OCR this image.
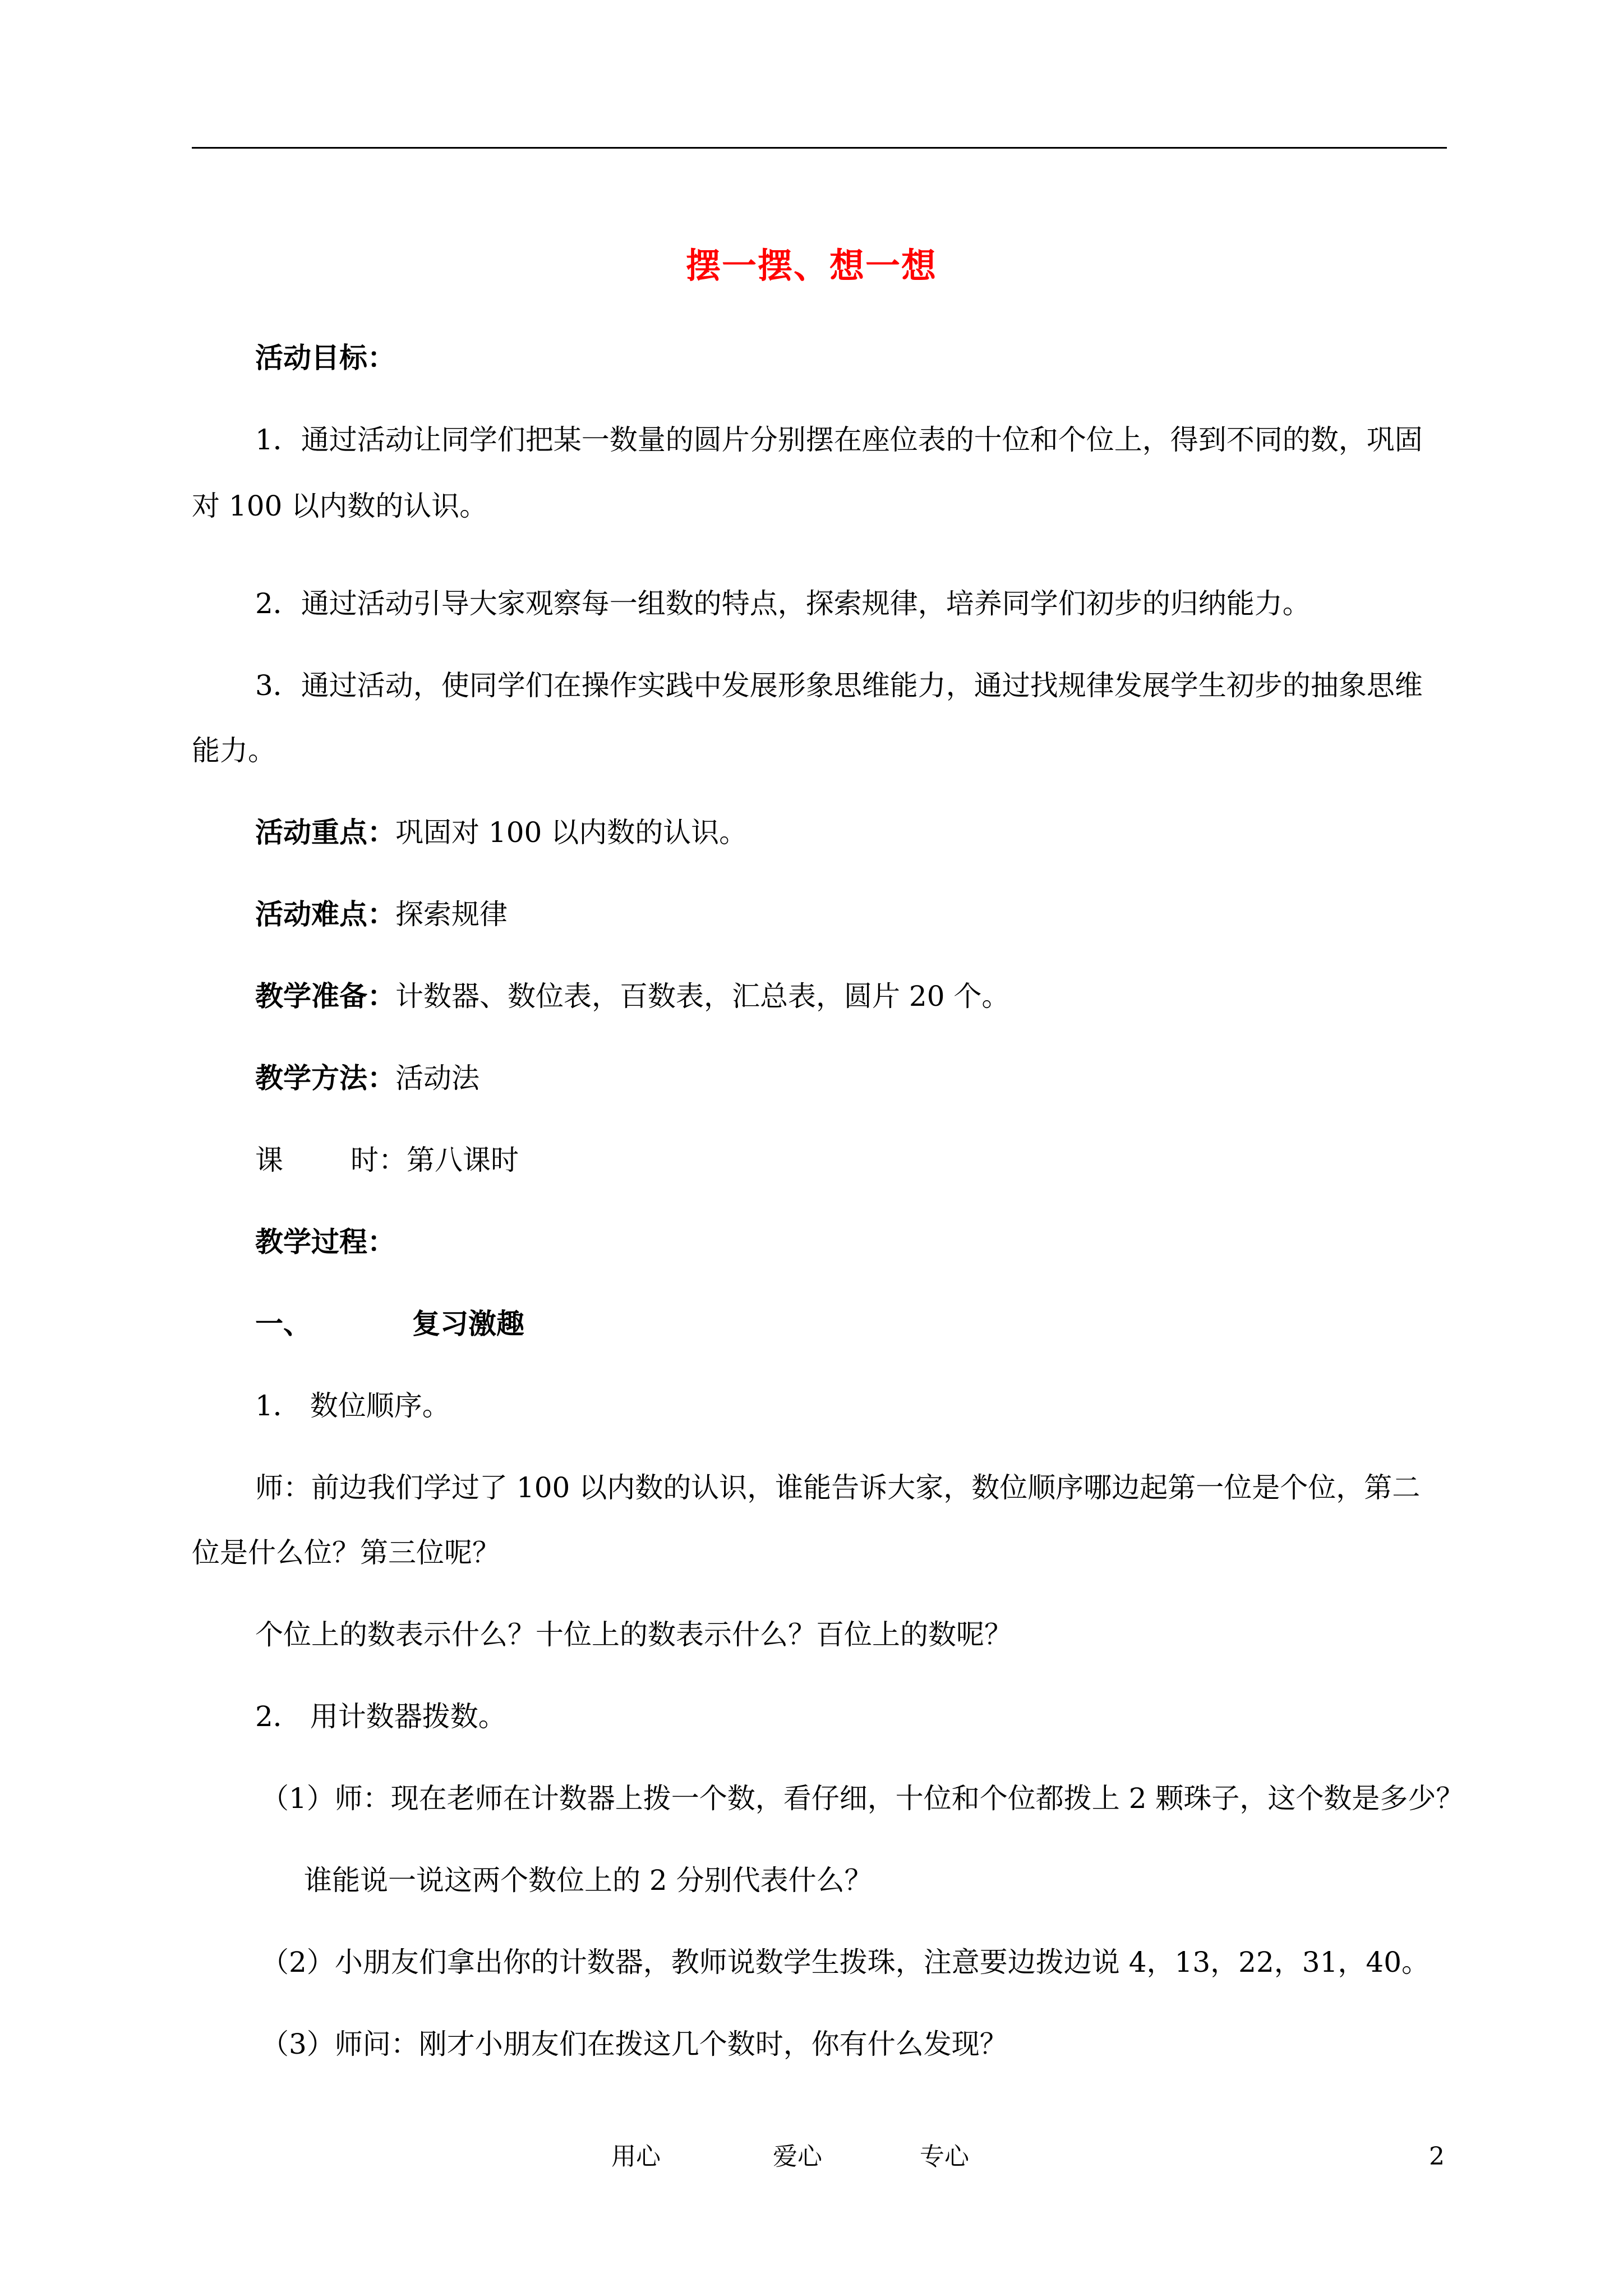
摆一摆、想一想
活动目标：
1．通过活动让同学们把某一数量的圆片分别摆在座位表的十位和个位上，得到不同的数，巩固
对 100 以内数的认识。
2．通过活动引导大家观察每一组数的特点，探索规律，培养同学们初步的归纳能力。
3．通过活动，使同学们在操作实践中发展形象思维能力，通过找规律发展学生初步的抽象思维
能力。
活动重点：巩固对 100 以内数的认识。
活动难点：探索规律
教学准备：计数器、数位表，百数表，汇总表，圆片 20 个。
教学方法：活动法
课 时：第八课时
教学过程：
一、	复习激趣
1． 数位顺序。
师：前边我们学过了 100 以内数的认识，谁能告诉大家，数位顺序哪边起第一位是个位，第二
位是什么位？第三位呢？
个位上的数表示什么？十位上的数表示什么？百位上的数呢？
2． 用计数器拨数。
（1）师：现在老师在计数器上拨一个数，看仔细，十位和个位都拨上 2 颗珠子，这个数是多少？
谁能说一说这两个数位上的 2 分别代表什么？
（2）小朋友们拿出你的计数器，教师说数学生拨珠，注意要边拨边说 4，13，22，31，40。
（3）师问：刚才小朋友们在拨这几个数时，你有什么发现？
用心	爱心	专心	2
